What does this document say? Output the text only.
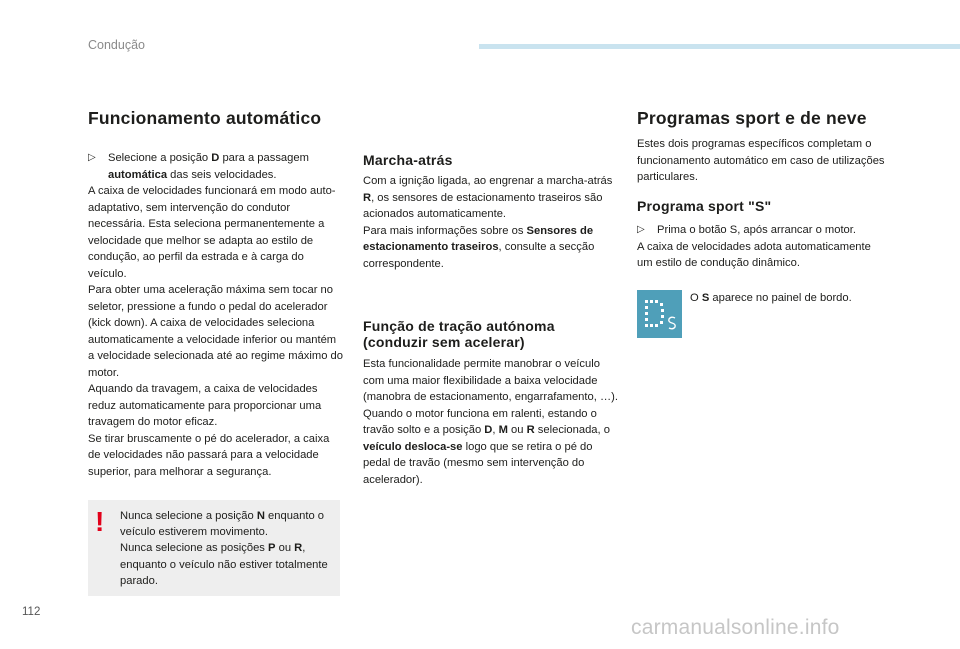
Condução
Funcionamento automático

▷ Selecione a posição D para a passagem automática das seis velocidades.

A caixa de velocidades funcionará em modo auto-adaptativo, sem intervenção do condutor necessária. Esta seleciona permanentemente a velocidade que melhor se adapta ao estilo de condução, ao perfil da estrada e à carga do veículo.

Para obter uma aceleração máxima sem tocar no seletor, pressione a fundo o pedal do acelerador (kick down). A caixa de velocidades seleciona automaticamente a velocidade inferior ou mantém a velocidade selecionada até ao regime máximo do motor.

Aquando da travagem, a caixa de velocidades reduz automaticamente para proporcionar uma travagem do motor eficaz.

Se tirar bruscamente o pé do acelerador, a caixa de velocidades não passará para a velocidade superior, para melhorar a segurança.

! Nunca selecione a posição N enquanto o veículo estiverem movimento.

Nunca selecione as posições P ou R, enquanto o veículo não estiver totalmente parado.

Marcha-atrás

Com a ignição ligada, ao engrenar a marcha-atrás R, os sensores de estacionamento traseiros são acionados automaticamente.

Para mais informações sobre os Sensores de estacionamento traseiros, consulte a secção correspondente.

Função de tração autónoma (conduzir sem acelerar)

Esta funcionalidade permite manobrar o veículo com uma maior flexibilidade a baixa velocidade (manobra de estacionamento, engarrafamento, …).

Quando o motor funciona em ralenti, estando o travão solto e a posição D, M ou R selecionada, o veículo desloca-se logo que se retira o pé do pedal de travão (mesmo sem intervenção do acelerador).

Programas sport e de neve

Estes dois programas específicos completam o funcionamento automático em caso de utilizações particulares.

Programa sport "S"

▷ Prima o botão S, após arrancar o motor.

A caixa de velocidades adota automaticamente um estilo de condução dinâmico.

O S aparece no painel de bordo.
112
carmanualsonline.info
